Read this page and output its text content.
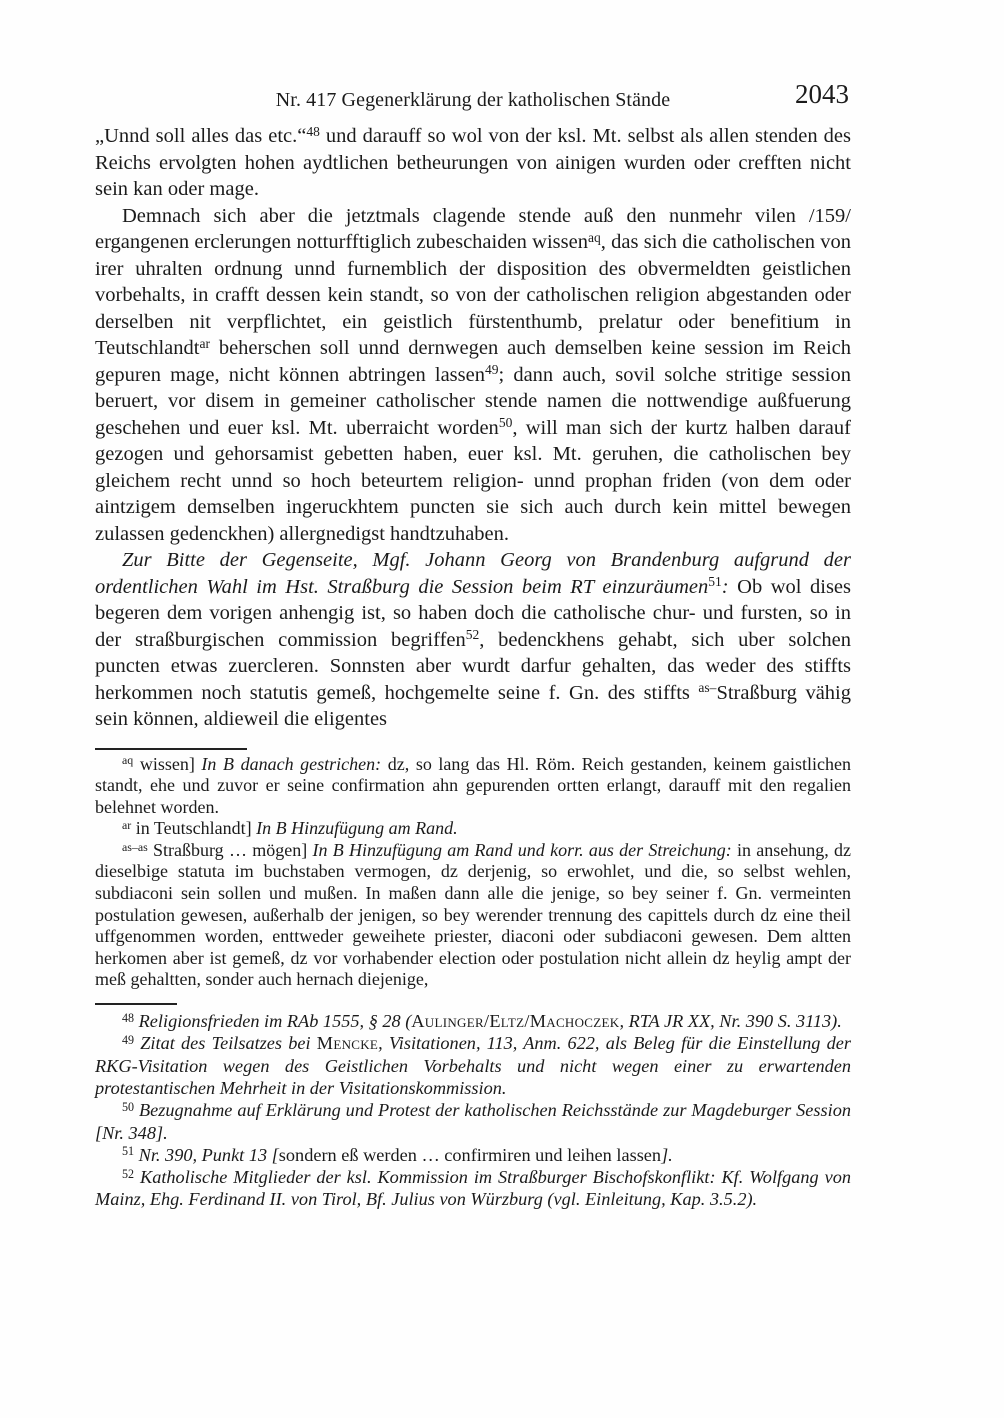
Nr. 417 Gegenerklärung der katholischen Stände	2043

„Unnd soll alles das etc.“$^{48}$ und darauff so wol von der ksl. Mt. selbst als allen stenden des Reichs ervolgten hohen aydtlichen betheurungen von ainigen wurden oder crefften nicht sein kan oder mage.

Demnach sich aber die jetztmals clagende stende auß den nunmehr vilen /159/ ergangenen erclerungen notturfftiglich zubeschaiden wissen$^{aq}$, das sich die catholischen von irer uhralten ordnung unnd furnemblich der disposition des obvermeldten geistlichen vorbehalts, in crafft dessen kein standt, so von der catholischen religion abgestanden oder derselben nit verpflichtet, ein geistlich fürstenthumb, prelatur oder benefitium in Teutschlandt$^{ar}$ beherschen soll unnd dernwegen auch demselben keine session im Reich gepuren mage, nicht können abtringen lassen$^{49}$; dann auch, sovil solche stritige session beruert, vor disem in gemeiner catholischer stende namen die nottwendige außfuerung geschehen und euer ksl. Mt. uberraicht worden$^{50}$, will man sich der kurtz halben darauf gezogen und gehorsamist gebetten haben, euer ksl. Mt. geruhen, die catholischen bey gleichem recht unnd so hoch beteurtem religion- unnd prophan friden (von dem oder aintzigem demselben ingeruckhtem puncten sie sich auch durch kein mittel bewegen zulassen gedenckhen) allergnedigst handtzuhaben.

Zur Bitte der Gegenseite, Mgf. Johann Georg von Brandenburg aufgrund der ordentlichen Wahl im Hst. Straßburg die Session beim RT einzuräumen$^{51}$: Ob wol dises begeren dem vorigen anhengig ist, so haben doch die catholische chur- und fursten, so in der straßburgischen commission begriffen$^{52}$, bedenckhens gehabt, sich uber solchen puncten etwas zuercleren. Sonnsten aber wurdt darfur gehalten, das weder des stiffts herkommen noch statutis gemeß, hochgemelte seine f. Gn. des stiffts $^{as-}$Straßburg vähig sein können, aldieweil die eligentes

$^{aq}$ wissen] In B danach gestrichen: dz, so lang das Hl. Röm. Reich gestanden, keinem gaistlichen standt, ehe und zuvor er seine confirmation ahn gepurenden ortten erlangt, darauff mit den regalien belehnet worden.

$^{ar}$ in Teutschlandt] In B Hinzufügung am Rand.

$^{as-as}$ Straßburg … mögen] In B Hinzufügung am Rand und korr. aus der Streichung: in ansehung, dz dieselbige statuta im buchstaben vermogen, dz derjenig, so erwohlet, und die, so selbst wehlen, subdiaconi sein sollen und mußen. In maßen dann alle die jenige, so bey seiner f. Gn. vermeinten postulation gewesen, außerhalb der jenigen, so bey werender trennung des capittels durch dz eine theil uffgenommen worden, enttweder geweihete priester, diaconi oder subdiaconi gewesen. Dem altten herkomen aber ist gemeß, dz vor vorhabender election oder postulation nicht allein dz heylig ampt der meß gehaltten, sonder auch hernach diejenige,

$^{48}$ Religionsfrieden im RAb 1555, § 28 (Aulinger/Eltz/Machoczek, RTA JR XX, Nr. 390 S. 3113).

$^{49}$ Zitat des Teilsatzes bei Mencke, Visitationen, 113, Anm. 622, als Beleg für die Einstellung der RKG-Visitation wegen des Geistlichen Vorbehalts und nicht wegen einer zu erwartenden protestantischen Mehrheit in der Visitationskommission.

$^{50}$ Bezugnahme auf Erklärung und Protest der katholischen Reichsstände zur Magdeburger Session [Nr. 348].

$^{51}$ Nr. 390, Punkt 13 [sondern eß werden … confirmiren und leihen lassen].

$^{52}$ Katholische Mitglieder der ksl. Kommission im Straßburger Bischofskonflikt: Kf. Wolfgang von Mainz, Ehg. Ferdinand II. von Tirol, Bf. Julius von Würzburg (vgl. Einleitung, Kap. 3.5.2).
